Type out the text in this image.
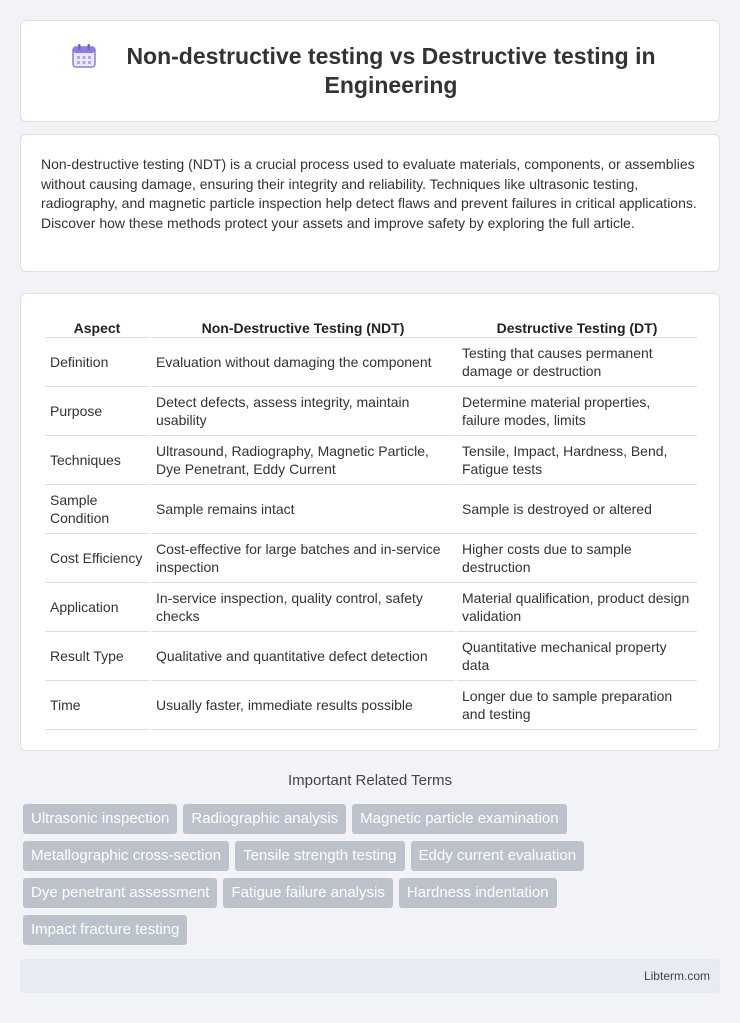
Non-destructive testing vs Destructive testing in Engineering

Non-destructive testing (NDT) is a crucial process used to evaluate materials, components, or assemblies without causing damage, ensuring their integrity and reliability. Techniques like ultrasonic testing, radiography, and magnetic particle inspection help detect flaws and prevent failures in critical applications. Discover how these methods protect your assets and improve safety by exploring the full article.

Aspect	Non-Destructive Testing (NDT)	Destructive Testing (DT)
Definition	Evaluation without damaging the component	Testing that causes permanent damage or destruction
Purpose	Detect defects, assess integrity, maintain usability	Determine material properties, failure modes, limits
Techniques	Ultrasound, Radiography, Magnetic Particle, Dye Penetrant, Eddy Current	Tensile, Impact, Hardness, Bend, Fatigue tests
Sample Condition	Sample remains intact	Sample is destroyed or altered
Cost Efficiency	Cost-effective for large batches and in-service inspection	Higher costs due to sample destruction
Application	In-service inspection, quality control, safety checks	Material qualification, product design validation
Result Type	Qualitative and quantitative defect detection	Quantitative mechanical property data
Time	Usually faster, immediate results possible	Longer due to sample preparation and testing
Important Related Terms
Ultrasonic inspection	Radiographic analysis	Magnetic particle examination
Metallographic cross-section	Tensile strength testing	Eddy current evaluation
Dye penetrant assessment	Fatigue failure analysis	Hardness indentation
Impact fracture testing
Libterm.com
